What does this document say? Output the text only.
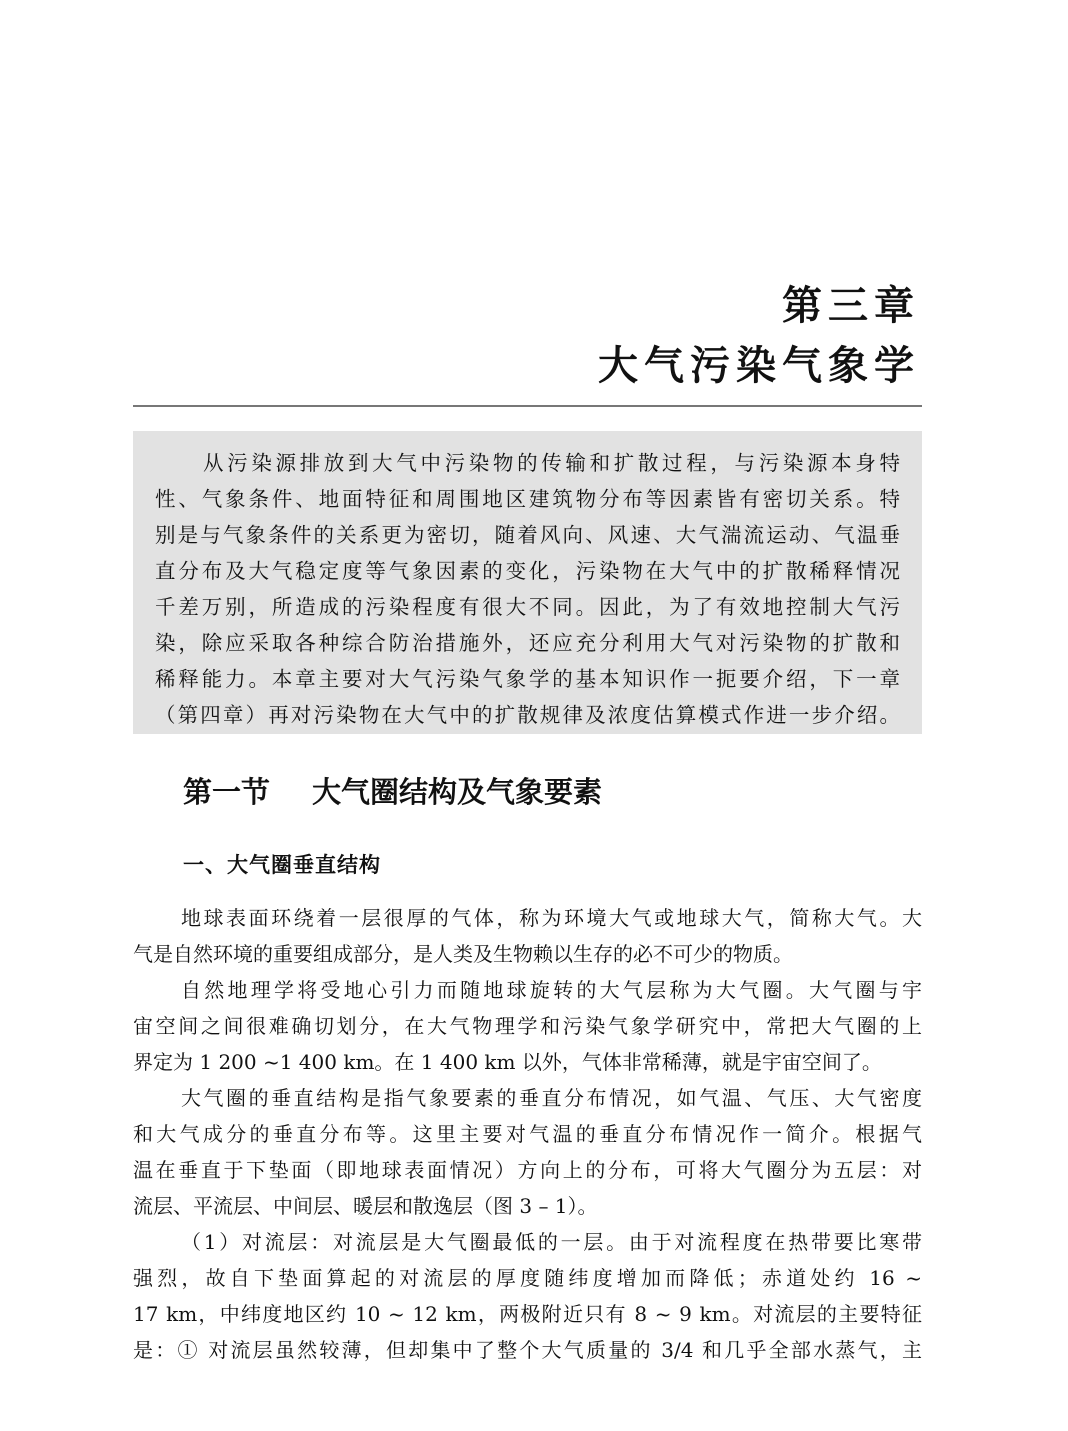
第三章
大气污染气象学
从污染源排放到大气中污染物的传输和扩散过程，与污染源本身特
性、气象条件、地面特征和周围地区建筑物分布等因素皆有密切关系。特
别是与气象条件的关系更为密切，随着风向、风速、大气湍流运动、气温垂
直分布及大气稳定度等气象因素的变化，污染物在大气中的扩散稀释情况
千差万别，所造成的污染程度有很大不同。因此，为了有效地控制大气污
染，除应采取各种综合防治措施外，还应充分利用大气对污染物的扩散和
稀释能力。本章主要对大气污染气象学的基本知识作一扼要介绍，下一章
（第四章）再对污染物在大气中的扩散规律及浓度估算模式作进一步介绍。
第一节 大气圈结构及气象要素
一、大气圈垂直结构
地球表面环绕着一层很厚的气体，称为环境大气或地球大气，简称大气。大
气是自然环境的重要组成部分，是人类及生物赖以生存的必不可少的物质。
自然地理学将受地心引力而随地球旋转的大气层称为大气圈。大气圈与宇
宙空间之间很难确切划分，在大气物理学和污染气象学研究中，常把大气圈的上
界定为 1 200 ~1 400 km。在 1 400 km 以外，气体非常稀薄，就是宇宙空间了。
大气圈的垂直结构是指气象要素的垂直分布情况，如气温、气压、大气密度
和大气成分的垂直分布等。这里主要对气温的垂直分布情况作一简介。根据气
温在垂直于下垫面（即地球表面情况）方向上的分布，可将大气圈分为五层：对
流层、平流层、中间层、暖层和散逸层（图 3 – 1）。
（1）对流层：对流层是大气圈最低的一层。由于对流程度在热带要比寒带
强烈，故自下垫面算起的对流层的厚度随纬度增加而降低；赤道处约 16 ~
17 km，中纬度地区约 10 ~ 12 km，两极附近只有 8 ~ 9 km。对流层的主要特征
是：① 对流层虽然较薄，但却集中了整个大气质量的 3/4 和几乎全部水蒸气，主
